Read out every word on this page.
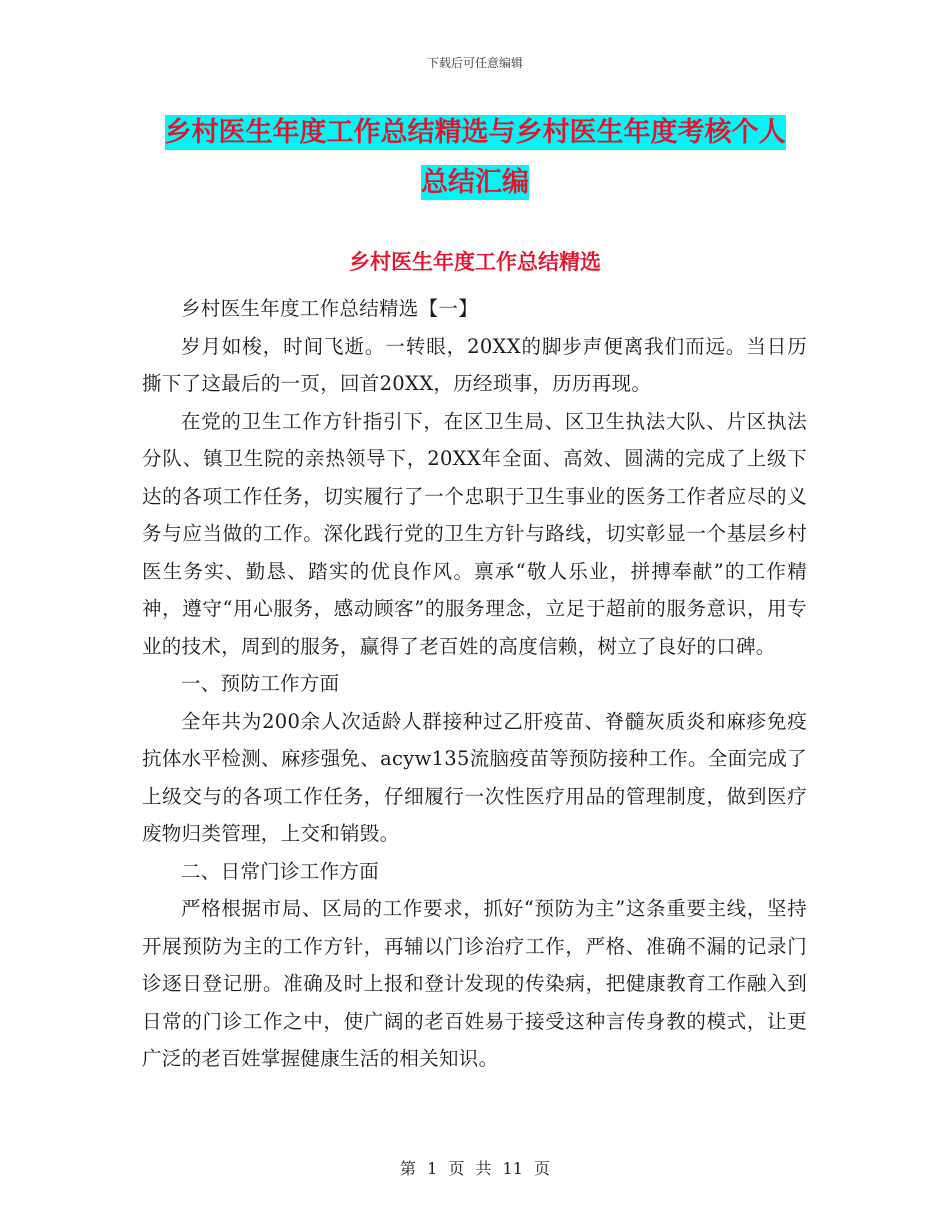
下载后可任意编辑
乡村医生年度工作总结精选与乡村医生年度考核个人
总结汇编
乡村医生年度工作总结精选

乡村医生年度工作总结精选【一】

岁月如梭，时间飞逝。一转眼，20XX的脚步声便离我们而远。当日历撕下了这最后的一页，回首20XX，历经琐事，历历再现。

在党的卫生工作方针指引下，在区卫生局、区卫生执法大队、片区执法分队、镇卫生院的亲热领导下，20XX年全面、高效、圆满的完成了上级下达的各项工作任务，切实履行了一个忠职于卫生事业的医务工作者应尽的义务与应当做的工作。深化践行党的卫生方针与路线，切实彰显一个基层乡村医生务实、勤恳、踏实的优良作风。禀承“敬人乐业，拼搏奉献”的工作精神，遵守“用心服务，感动顾客”的服务理念，立足于超前的服务意识，用专业的技术，周到的服务，赢得了老百姓的高度信赖，树立了良好的口碑。

一、预防工作方面

全年共为200余人次适龄人群接种过乙肝疫苗、脊髓灰质炎和麻疹免疫抗体水平检测、麻疹强免、acyw135流脑疫苗等预防接种工作。全面完成了上级交与的各项工作任务，仔细履行一次性医疗用品的管理制度，做到医疗废物归类管理，上交和销毁。

二、日常门诊工作方面

严格根据市局、区局的工作要求，抓好“预防为主”这条重要主线，坚持开展预防为主的工作方针，再辅以门诊治疗工作，严格、准确不漏的记录门诊逐日登记册。准确及时上报和登计发现的传染病，把健康教育工作融入到日常的门诊工作之中，使广阔的老百姓易于接受这种言传身教的模式，让更广泛的老百姓掌握健康生活的相关知识。

第 1 页 共 11 页
